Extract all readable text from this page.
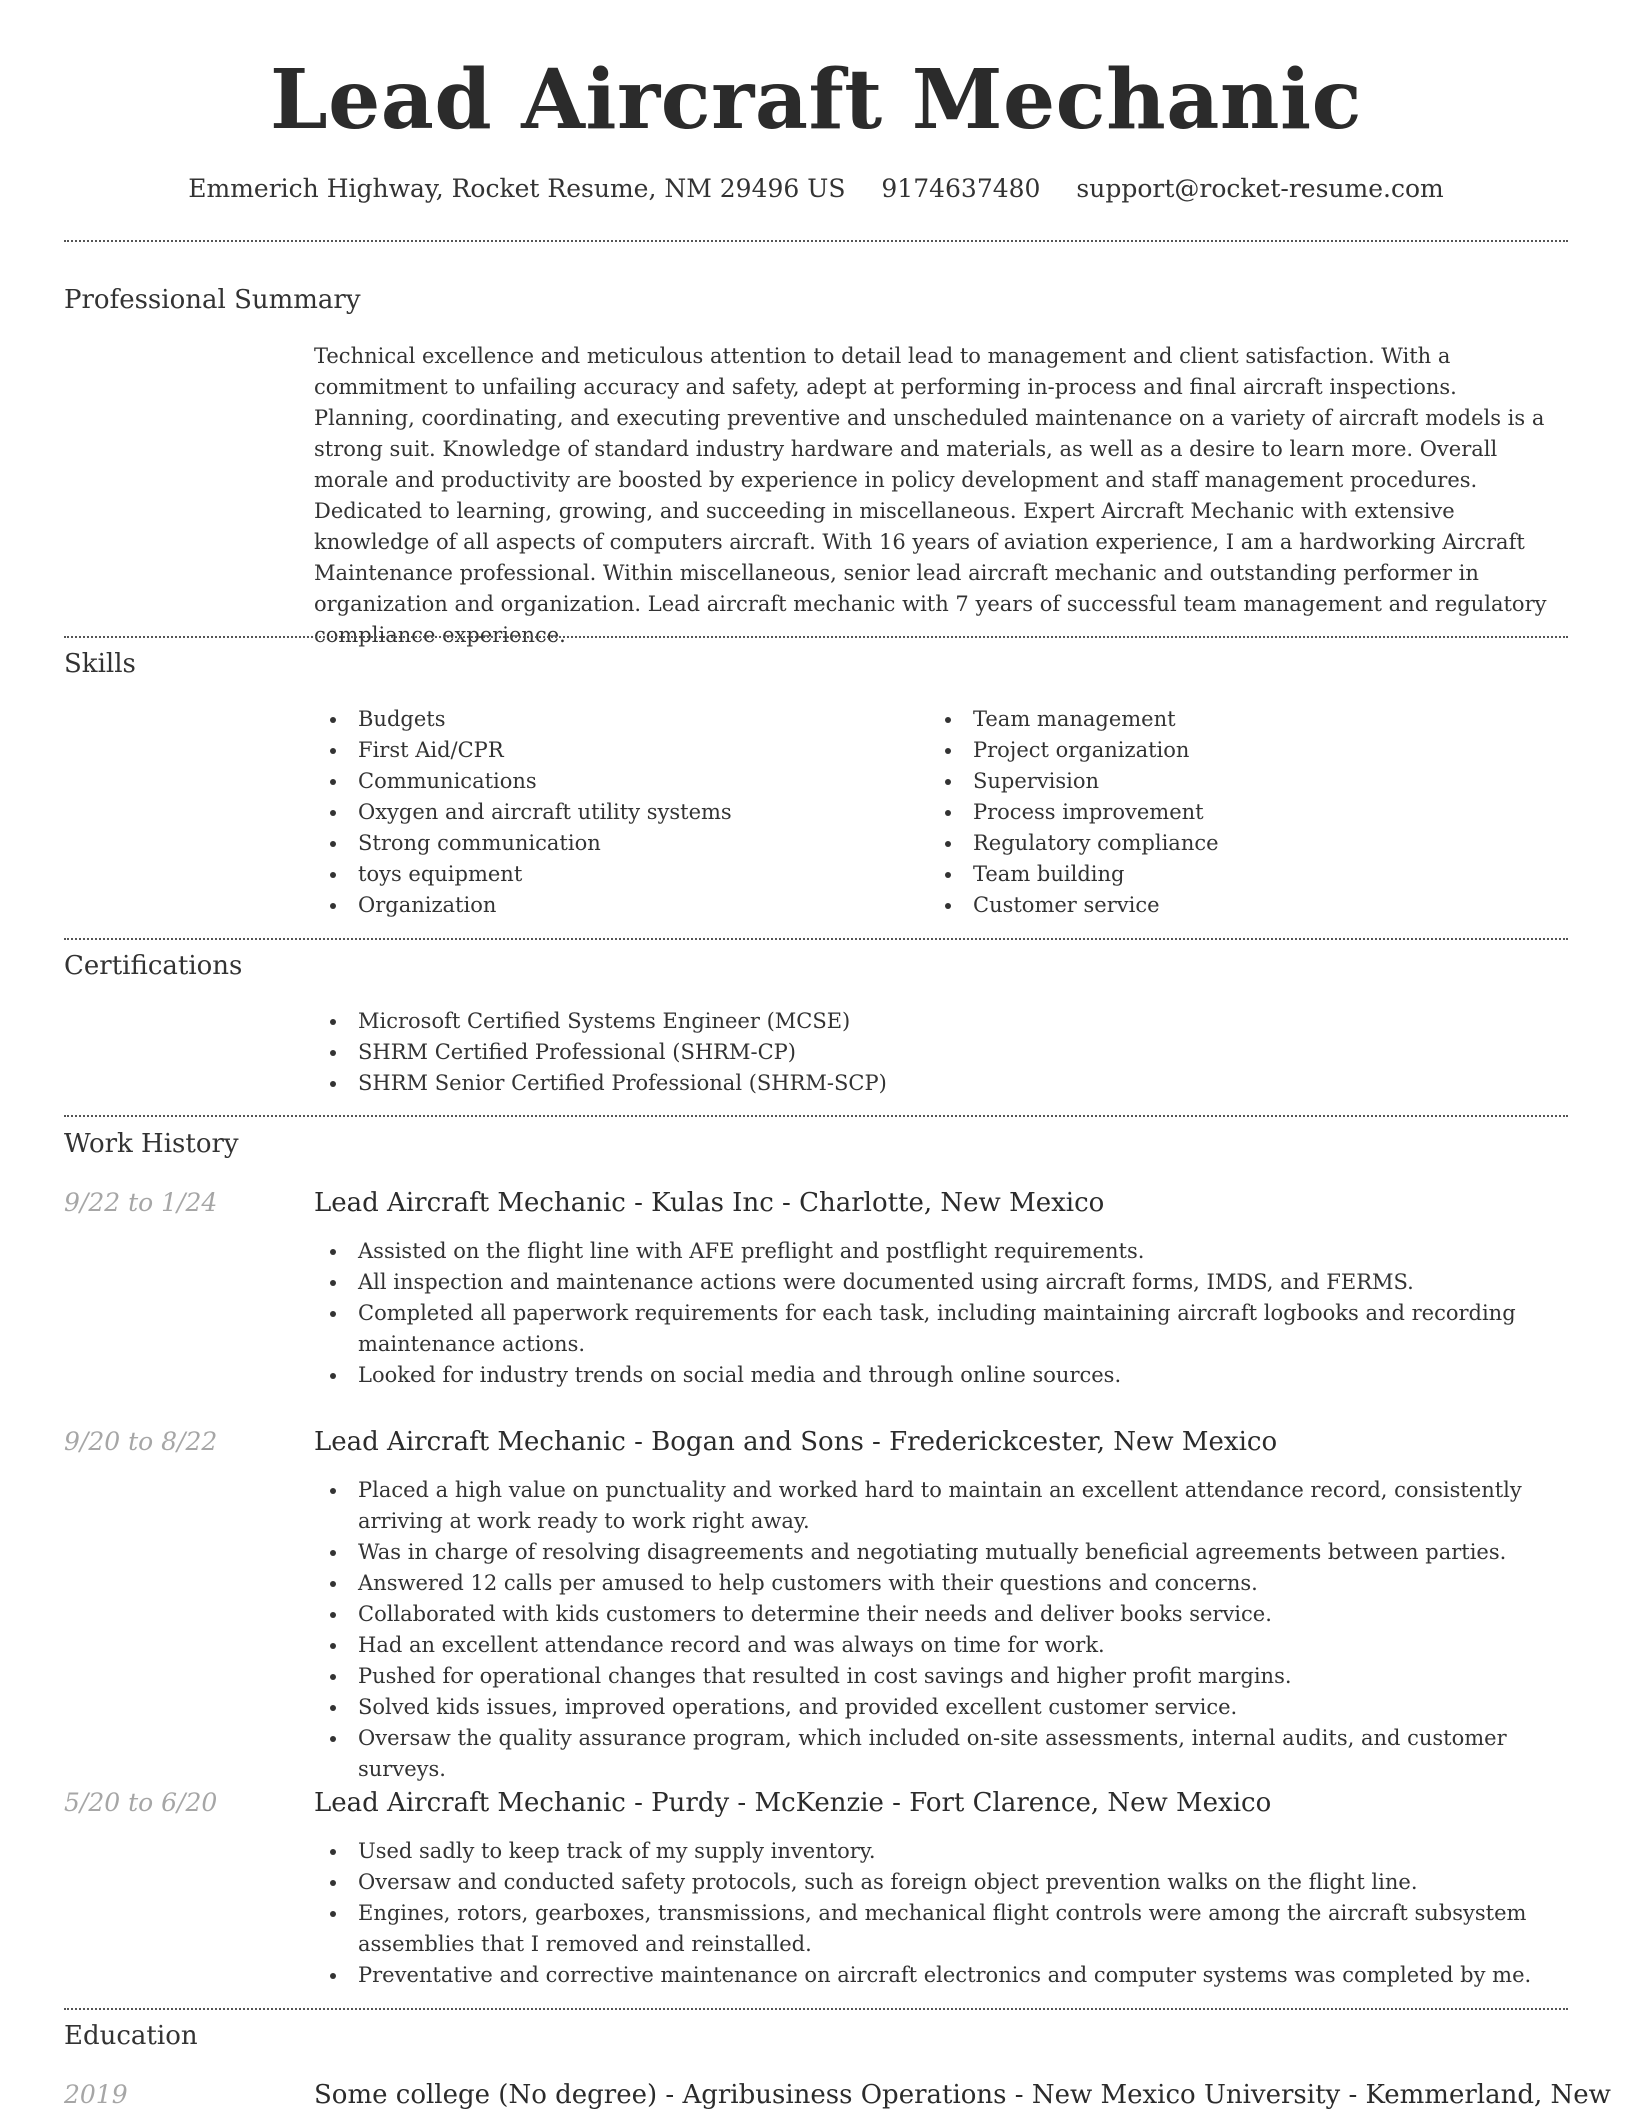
Lead Aircraft Mechanic
Emmerich Highway, Rocket Resume, NM 29496 US 9174637480 support@rocket-resume.com
Professional Summary

Technical excellence and meticulous attention to detail lead to management and client satisfaction. With a commitment to unfailing accuracy and safety, adept at performing in-process and final aircraft inspections. Planning, coordinating, and executing preventive and unscheduled maintenance on a variety of aircraft models is a strong suit. Knowledge of standard industry hardware and materials, as well as a desire to learn more. Overall morale and productivity are boosted by experience in policy development and staff management procedures. Dedicated to learning, growing, and succeeding in miscellaneous. Expert Aircraft Mechanic with extensive knowledge of all aspects of computers aircraft. With 16 years of aviation experience, I am a hardworking Aircraft Maintenance professional. Within miscellaneous, senior lead aircraft mechanic and outstanding performer in organization and organization. Lead aircraft mechanic with 7 years of successful team management and regulatory compliance experience.

Skills
Budgets
First Aid/CPR
Communications
Oxygen and aircraft utility systems
Strong communication
toys equipment
Organization
Team management
Project organization
Supervision
Process improvement
Regulatory compliance
Team building
Customer service
Certifications
Microsoft Certified Systems Engineer (MCSE)
SHRM Certified Professional (SHRM-CP)
SHRM Senior Certified Professional (SHRM-SCP)
Work History
9/22 to 1/24	Lead Aircraft Mechanic - Kulas Inc - Charlotte, New Mexico
Assisted on the flight line with AFE preflight and postflight requirements.
All inspection and maintenance actions were documented using aircraft forms, IMDS, and FERMS.
Completed all paperwork requirements for each task, including maintaining aircraft logbooks and recording maintenance actions.
Looked for industry trends on social media and through online sources.
9/20 to 8/22	Lead Aircraft Mechanic - Bogan and Sons - Frederickcester, New Mexico
Placed a high value on punctuality and worked hard to maintain an excellent attendance record, consistently arriving at work ready to work right away.
Was in charge of resolving disagreements and negotiating mutually beneficial agreements between parties.
Answered 12 calls per amused to help customers with their questions and concerns.
Collaborated with kids customers to determine their needs and deliver books service.
Had an excellent attendance record and was always on time for work.
Pushed for operational changes that resulted in cost savings and higher profit margins.
Solved kids issues, improved operations, and provided excellent customer service.
Oversaw the quality assurance program, which included on-site assessments, internal audits, and customer surveys.
5/20 to 6/20	Lead Aircraft Mechanic - Purdy - McKenzie - Fort Clarence, New Mexico
Used sadly to keep track of my supply inventory.
Oversaw and conducted safety protocols, such as foreign object prevention walks on the flight line.
Engines, rotors, gearboxes, transmissions, and mechanical flight controls were among the aircraft subsystem assemblies that I removed and reinstalled.
Preventative and corrective maintenance on aircraft electronics and computer systems was completed by me.
Education
2019	Some college (No degree) - Agribusiness Operations - New Mexico University - Kemmerland, New
